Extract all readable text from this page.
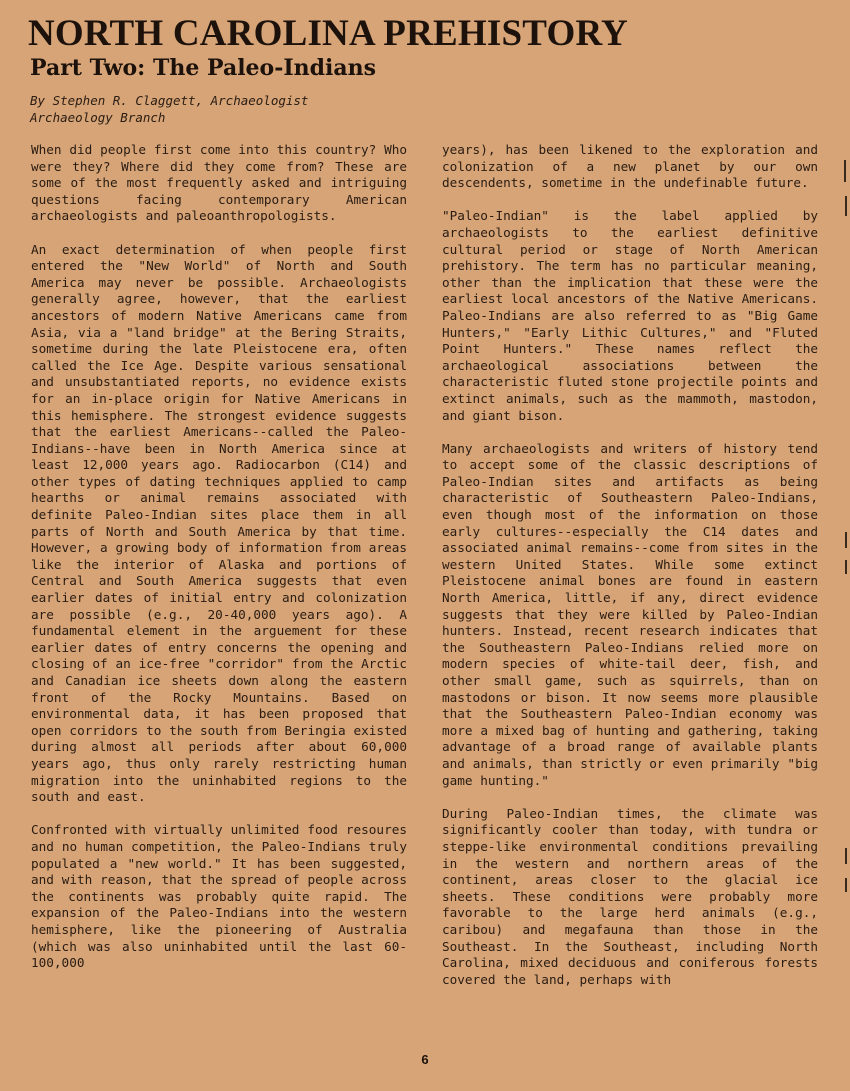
NORTH CAROLINA PREHISTORY
Part Two: The Paleo-Indians
By Stephen R. Claggett, Archaeologist
Archaeology Branch

When did people first come into this country? Who were they? Where did they come from? These are some of the most frequently asked and intriguing questions facing contemporary American archaeologists and paleoanthropologists.

An exact determination of when people first entered the "New World" of North and South America may never be possible. Archaeologists generally agree, however, that the earliest ancestors of modern Native Americans came from Asia, via a "land bridge" at the Bering Straits, sometime during the late Pleistocene era, often called the Ice Age. Despite various sensational and unsubstantiated reports, no evidence exists for an in-place origin for Native Americans in this hemisphere. The strongest evidence suggests that the earliest Americans--called the Paleo-Indians--have been in North America since at least 12,000 years ago. Radiocarbon (C14) and other types of dating techniques applied to camp hearths or animal remains associated with definite Paleo-Indian sites place them in all parts of North and South America by that time. However, a growing body of information from areas like the interior of Alaska and portions of Central and South America suggests that even earlier dates of initial entry and colonization are possible (e.g., 20-40,000 years ago). A fundamental element in the arguement for these earlier dates of entry concerns the opening and closing of an ice-free "corridor" from the Arctic and Canadian ice sheets down along the eastern front of the Rocky Mountains. Based on environmental data, it has been proposed that open corridors to the south from Beringia existed during almost all periods after about 60,000 years ago, thus only rarely restricting human migration into the uninhabited regions to the south and east.

Confronted with virtually unlimited food resoures and no human competition, the Paleo-Indians truly populated a "new world." It has been suggested, and with reason, that the spread of people across the continents was probably quite rapid. The expansion of the Paleo-Indians into the western hemisphere, like the pioneering of Australia (which was also uninhabited until the last 60-100,000

years), has been likened to the exploration and colonization of a new planet by our own descendents, sometime in the undefinable future.

"Paleo-Indian" is the label applied by archaeologists to the earliest definitive cultural period or stage of North American prehistory. The term has no particular meaning, other than the implication that these were the earliest local ancestors of the Native Americans. Paleo-Indians are also referred to as "Big Game Hunters," "Early Lithic Cultures," and "Fluted Point Hunters." These names reflect the archaeological associations between the characteristic fluted stone projectile points and extinct animals, such as the mammoth, mastodon, and giant bison.

Many archaeologists and writers of history tend to accept some of the classic descriptions of Paleo-Indian sites and artifacts as being characteristic of Southeastern Paleo-Indians, even though most of the information on those early cultures--especially the C14 dates and associated animal remains--come from sites in the western United States. While some extinct Pleistocene animal bones are found in eastern North America, little, if any, direct evidence suggests that they were killed by Paleo-Indian hunters. Instead, recent research indicates that the Southeastern Paleo-Indians relied more on modern species of white-tail deer, fish, and other small game, such as squirrels, than on mastodons or bison. It now seems more plausible that the Southeastern Paleo-Indian economy was more a mixed bag of hunting and gathering, taking advantage of a broad range of available plants and animals, than strictly or even primarily "big game hunting."

During Paleo-Indian times, the climate was significantly cooler than today, with tundra or steppe-like environmental conditions prevailing in the western and northern areas of the continent, areas closer to the glacial ice sheets. These conditions were probably more favorable to the large herd animals (e.g., caribou) and megafauna than those in the Southeast. In the Southeast, including North Carolina, mixed deciduous and coniferous forests covered the land, perhaps with

6
